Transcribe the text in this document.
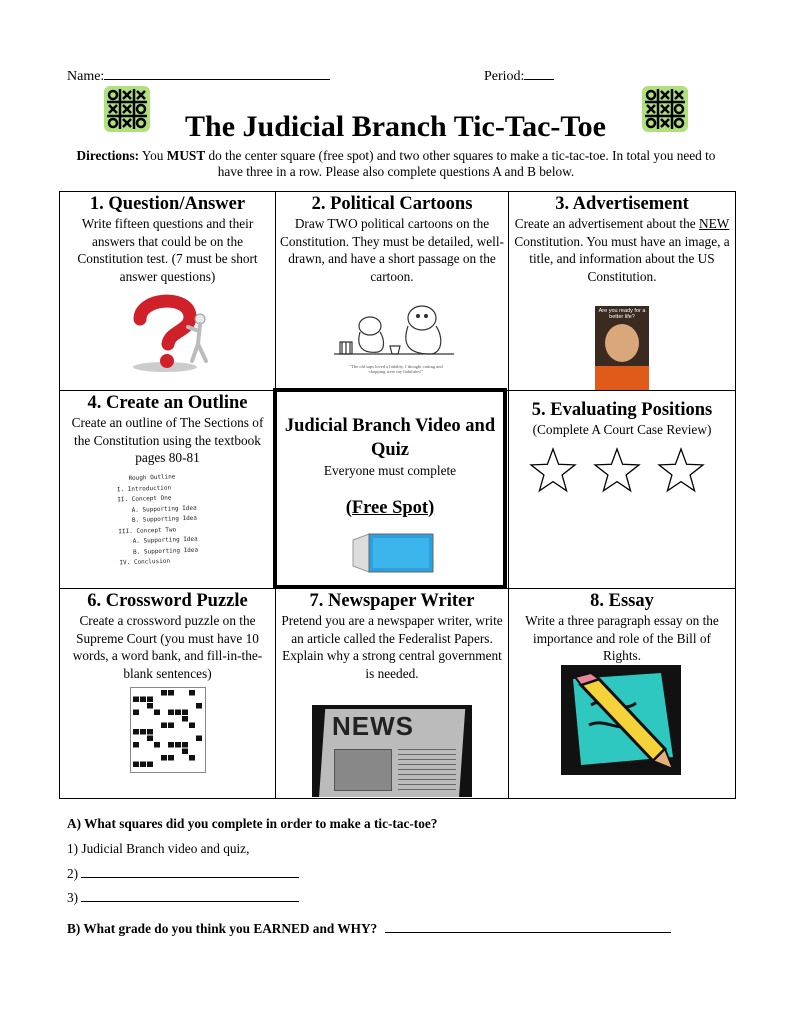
Name:	Period:
The Judicial Branch Tic-Tac-Toe
Directions: You MUST do the center square (free spot) and two other squares to make a tic-tac-toe. In total you need to have three in a row. Please also complete questions A and B below.
1. Question/Answer
Write fifteen questions and their answers that could be on the Constitution test. (7 must be short answer questions)
2. Political Cartoons
Draw TWO political cartoons on the Constitution. They must be detailed, well-drawn, and have a short passage on the cartoon.
"The old saps loved a liability. I thought cutting and chopping were my liabilities!"
3. Advertisement
Create an advertisement about the NEW Constitution. You must have an image, a title, and information about the US Constitution.
Are you ready for a better life?
4. Create an Outline
Create an outline of The Sections of the Constitution using the textbook pages 80-81
Rough Outline
I. Introduction
II. Concept One
A. Supporting Idea
B. Supporting Idea
III. Concept Two
A. Supporting Idea
B. Supporting Idea
IV. Conclusion
5. Evaluating Positions
(Complete A Court Case Review)
6. Crossword Puzzle
Create a crossword puzzle on the Supreme Court (you must have 10 words, a word bank, and fill-in-the-blank sentences)
7. Newspaper Writer
Pretend you are a newspaper writer, write an article called the Federalist Papers. Explain why a strong central government is needed.
NEWS
8. Essay
Write a three paragraph essay on the importance and role of the Bill of Rights.
Judicial Branch Video and Quiz
Everyone must complete
(Free Spot)
A) What squares did you complete in order to make a tic-tac-toe?
1) Judicial Branch video and quiz,
2)
3)
B) What grade do you think you EARNED and WHY?
